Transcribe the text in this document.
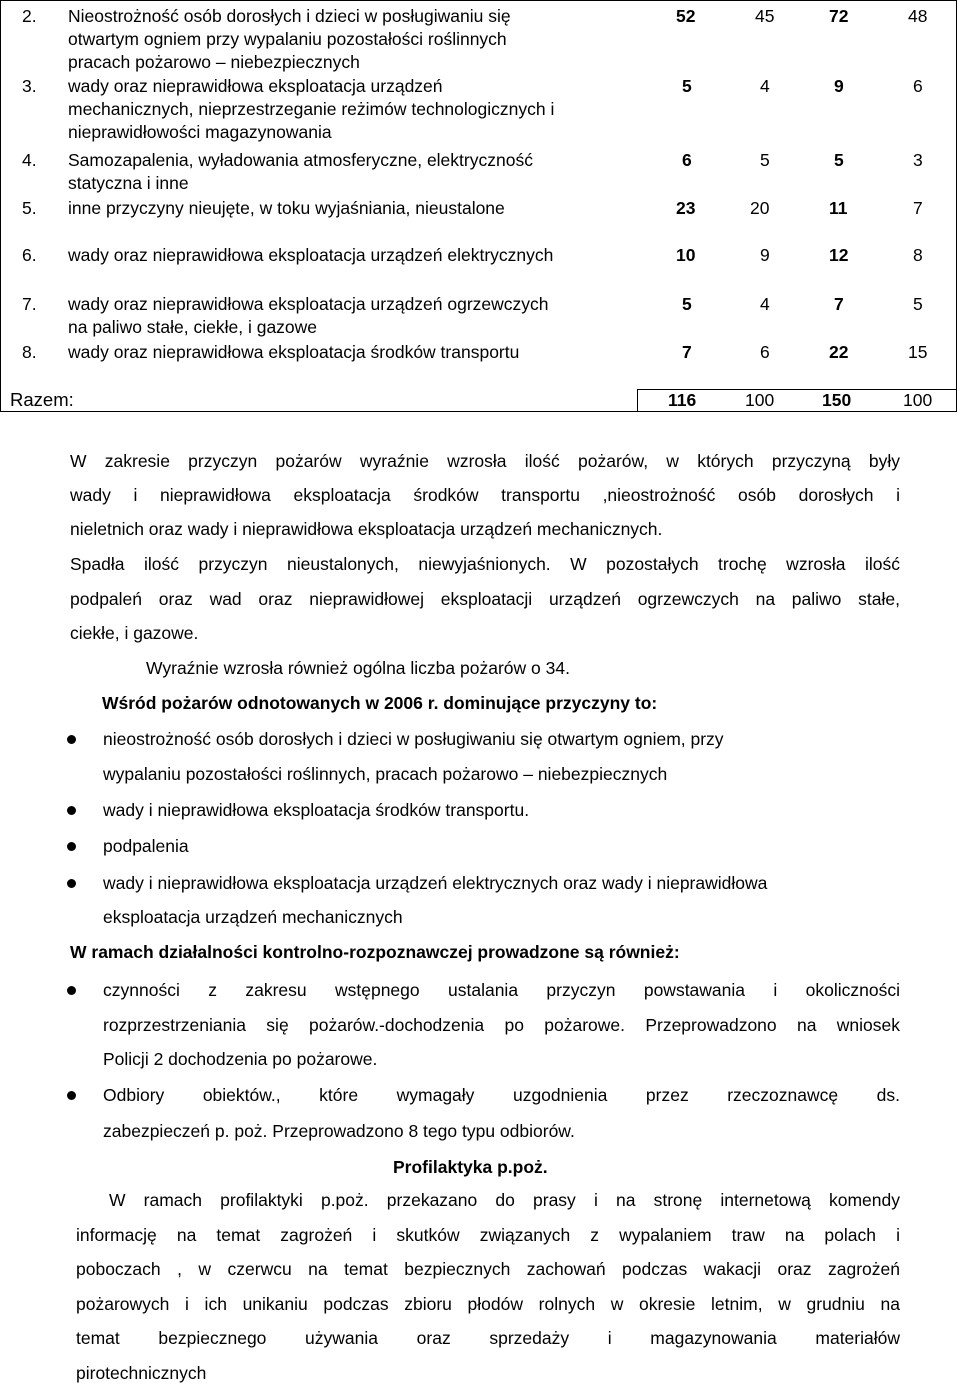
2. Nieostrożność osób dorosłych i dzieci w posługiwaniu się
otwartym ogniem przy wypalaniu pozostałości roślinnych
pracach pożarowo – niebezpiecznych
52	45	72	48
3. wady oraz nieprawidłowa eksploatacja urządzeń
mechanicznych, nieprzestrzeganie reżimów technologicznych i
nieprawidłowości magazynowania
5	4	9	6
4. Samozapalenia, wyładowania atmosferyczne, elektryczność
statyczna i inne
6	5	5	3
5. inne przyczyny nieujęte, w toku wyjaśniania, nieustalone	23	20	11	7
6. wady oraz nieprawidłowa eksploatacja urządzeń elektrycznych	10	9	12	8
7. wady oraz nieprawidłowa eksploatacja urządzeń ogrzewczych
na paliwo stałe, ciekłe, i gazowe
5	4	7	5
8. wady oraz nieprawidłowa eksploatacja środków transportu	7	6	22	15
Razem:	116	100	150	100
W zakresie przyczyn pożarów wyraźnie wzrosła ilość pożarów, w których przyczyną były
wady i nieprawidłowa eksploatacja środków transportu ,nieostrożność osób dorosłych i
nieletnich oraz wady i nieprawidłowa eksploatacja urządzeń mechanicznych.
Spadła ilość przyczyn nieustalonych, niewyjaśnionych. W pozostałych trochę wzrosła ilość
podpaleń oraz wad oraz nieprawidłowej eksploatacji urządzeń ogrzewczych na paliwo stałe,
ciekłe, i gazowe.
Wyraźnie wzrosła również ogólna liczba pożarów o 34.
Wśród pożarów odnotowanych w 2006 r. dominujące przyczyny to:
nieostrożność osób dorosłych i dzieci w posługiwaniu się otwartym ogniem, przy
wypalaniu pozostałości roślinnych, pracach pożarowo – niebezpiecznych
wady i nieprawidłowa eksploatacja środków transportu.
podpalenia
wady i nieprawidłowa eksploatacja urządzeń elektrycznych oraz wady i nieprawidłowa
eksploatacja urządzeń mechanicznych
W ramach działalności kontrolno-rozpoznawczej prowadzone są również:
czynności z zakresu wstępnego ustalania przyczyn powstawania i okoliczności
rozprzestrzeniania się pożarów.-dochodzenia po pożarowe. Przeprowadzono na wniosek
Policji 2 dochodzenia po pożarowe.
Odbiory obiektów., które wymagały uzgodnienia przez rzeczoznawcę ds.
zabezpieczeń p. poż. Przeprowadzono 8 tego typu odbiorów.
Profilaktyka p.poż.
W ramach profilaktyki p.poż. przekazano do prasy i na stronę internetową komendy
informację na temat zagrożeń i skutków związanych z wypalaniem traw na polach i
poboczach , w czerwcu na temat bezpiecznych zachowań podczas wakacji oraz zagrożeń
pożarowych i ich unikaniu podczas zbioru płodów rolnych w okresie letnim, w grudniu na
temat bezpiecznego używania oraz sprzedaży i magazynowania materiałów
pirotechnicznych
